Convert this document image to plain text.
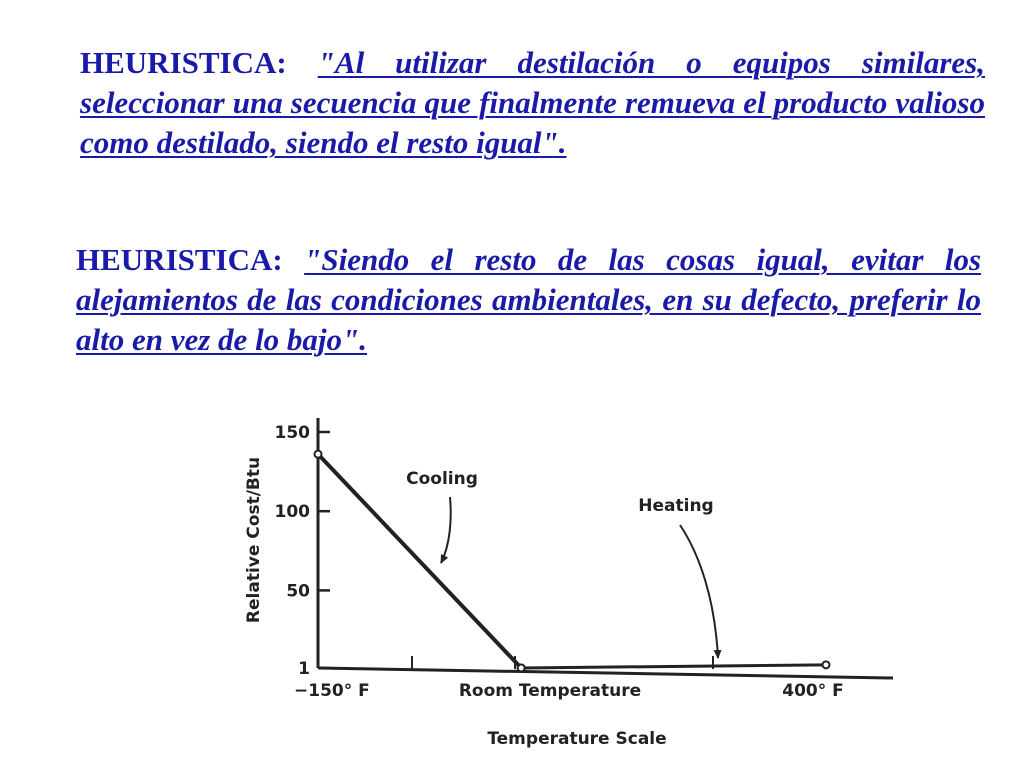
HEURISTICA: "Al utilizar destilación o equipos similares, seleccionar una secuencia que finalmente remueva el producto valioso como destilado, siendo el resto igual".

HEURISTICA: "Siendo el resto de las cosas igual, evitar los alejamientos de las condiciones ambientales, en su defecto, preferir lo alto en vez de lo bajo".

1
50
100
150
−150° F	Room Temperature	400° F
Cooling
Heating
Relative Cost/Btu
Temperature Scale
